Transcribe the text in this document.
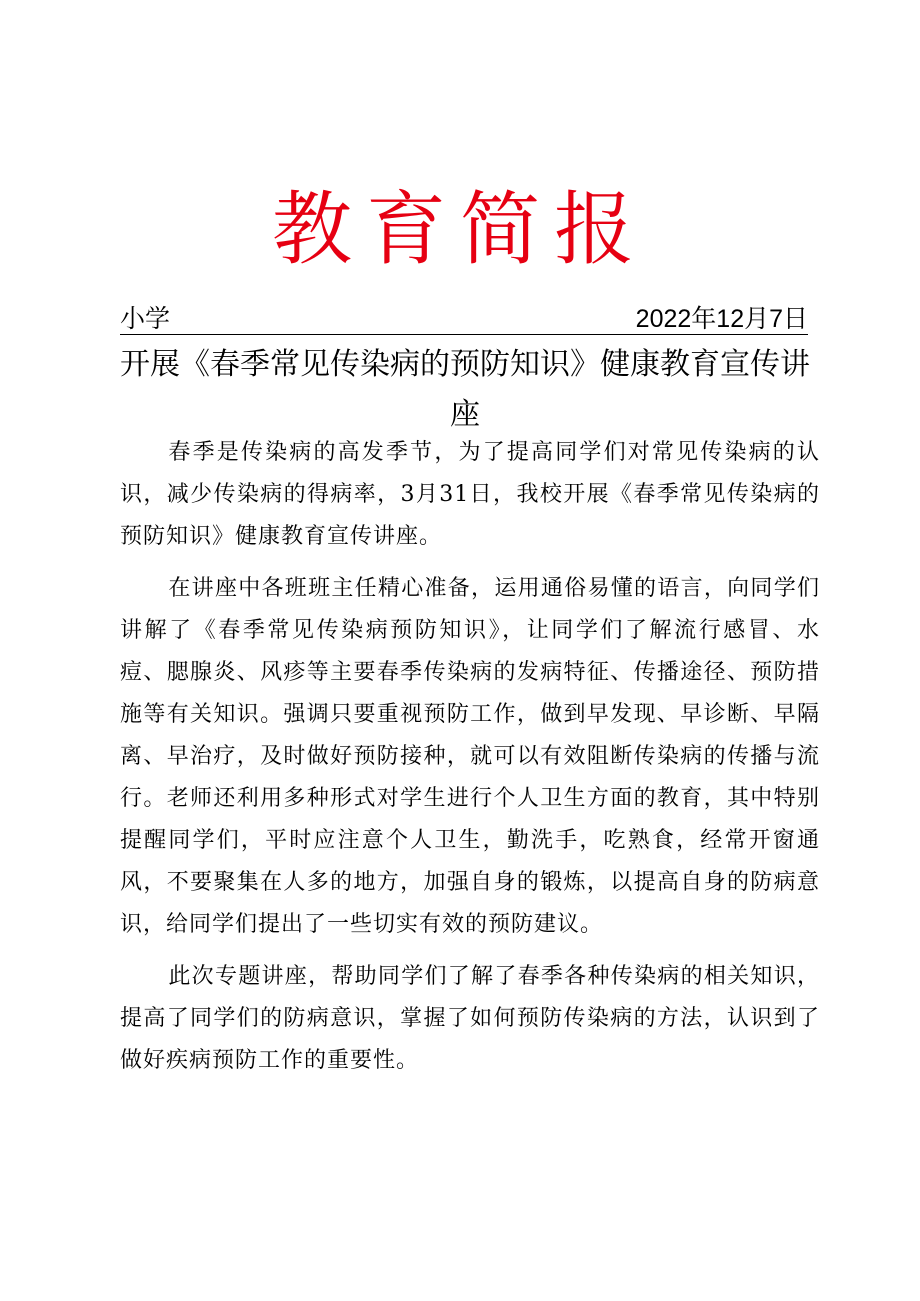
教育简报
小学	2022年12月7日
开展《春季常见传染病的预防知识》健康教育宣传讲座

春季是传染病的高发季节，为了提高同学们对常见传染病的认识，减少传染病的得病率，3月31日，我校开展《春季常见传染病的预防知识》健康教育宣传讲座。

在讲座中各班班主任精心准备，运用通俗易懂的语言，向同学们讲解了《春季常见传染病预防知识》，让同学们了解流行感冒、水痘、腮腺炎、风疹等主要春季传染病的发病特征、传播途径、预防措施等有关知识。强调只要重视预防工作，做到早发现、早诊断、早隔离、早治疗，及时做好预防接种，就可以有效阻断传染病的传播与流行。老师还利用多种形式对学生进行个人卫生方面的教育，其中特别提醒同学们，平时应注意个人卫生，勤洗手，吃熟食，经常开窗通风，不要聚集在人多的地方，加强自身的锻炼，以提高自身的防病意识，给同学们提出了一些切实有效的预防建议。

此次专题讲座，帮助同学们了解了春季各种传染病的相关知识，提高了同学们的防病意识，掌握了如何预防传染病的方法，认识到了做好疾病预防工作的重要性。
